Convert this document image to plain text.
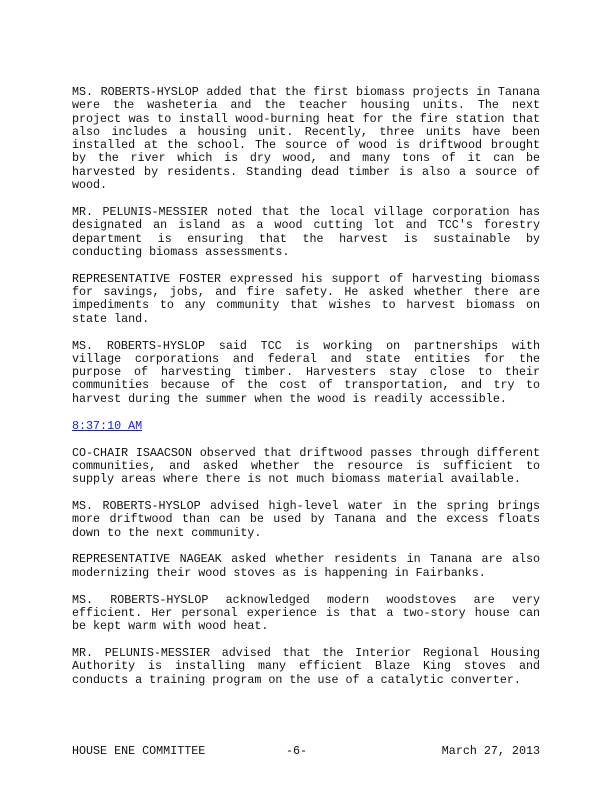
MS. ROBERTS-HYSLOP added that the first biomass projects in Tanana were the washeteria and the teacher housing units. The next project was to install wood-burning heat for the fire station that also includes a housing unit. Recently, three units have been installed at the school. The source of wood is driftwood brought by the river which is dry wood, and many tons of it can be harvested by residents. Standing dead timber is also a source of wood.

MR. PELUNIS-MESSIER noted that the local village corporation has designated an island as a wood cutting lot and TCC's forestry department is ensuring that the harvest is sustainable by conducting biomass assessments.

REPRESENTATIVE FOSTER expressed his support of harvesting biomass for savings, jobs, and fire safety. He asked whether there are impediments to any community that wishes to harvest biomass on state land.

MS. ROBERTS-HYSLOP said TCC is working on partnerships with village corporations and federal and state entities for the purpose of harvesting timber. Harvesters stay close to their communities because of the cost of transportation, and try to harvest during the summer when the wood is readily accessible.

8:37:10 AM

CO-CHAIR ISAACSON observed that driftwood passes through different communities, and asked whether the resource is sufficient to supply areas where there is not much biomass material available.

MS. ROBERTS-HYSLOP advised high-level water in the spring brings more driftwood than can be used by Tanana and the excess floats down to the next community.

REPRESENTATIVE NAGEAK asked whether residents in Tanana are also modernizing their wood stoves as is happening in Fairbanks.

MS. ROBERTS-HYSLOP acknowledged modern woodstoves are very efficient. Her personal experience is that a two-story house can be kept warm with wood heat.

MR. PELUNIS-MESSIER advised that the Interior Regional Housing Authority is installing many efficient Blaze King stoves and conducts a training program on the use of a catalytic converter.

HOUSE ENE COMMITTEE	-6-	March 27, 2013
